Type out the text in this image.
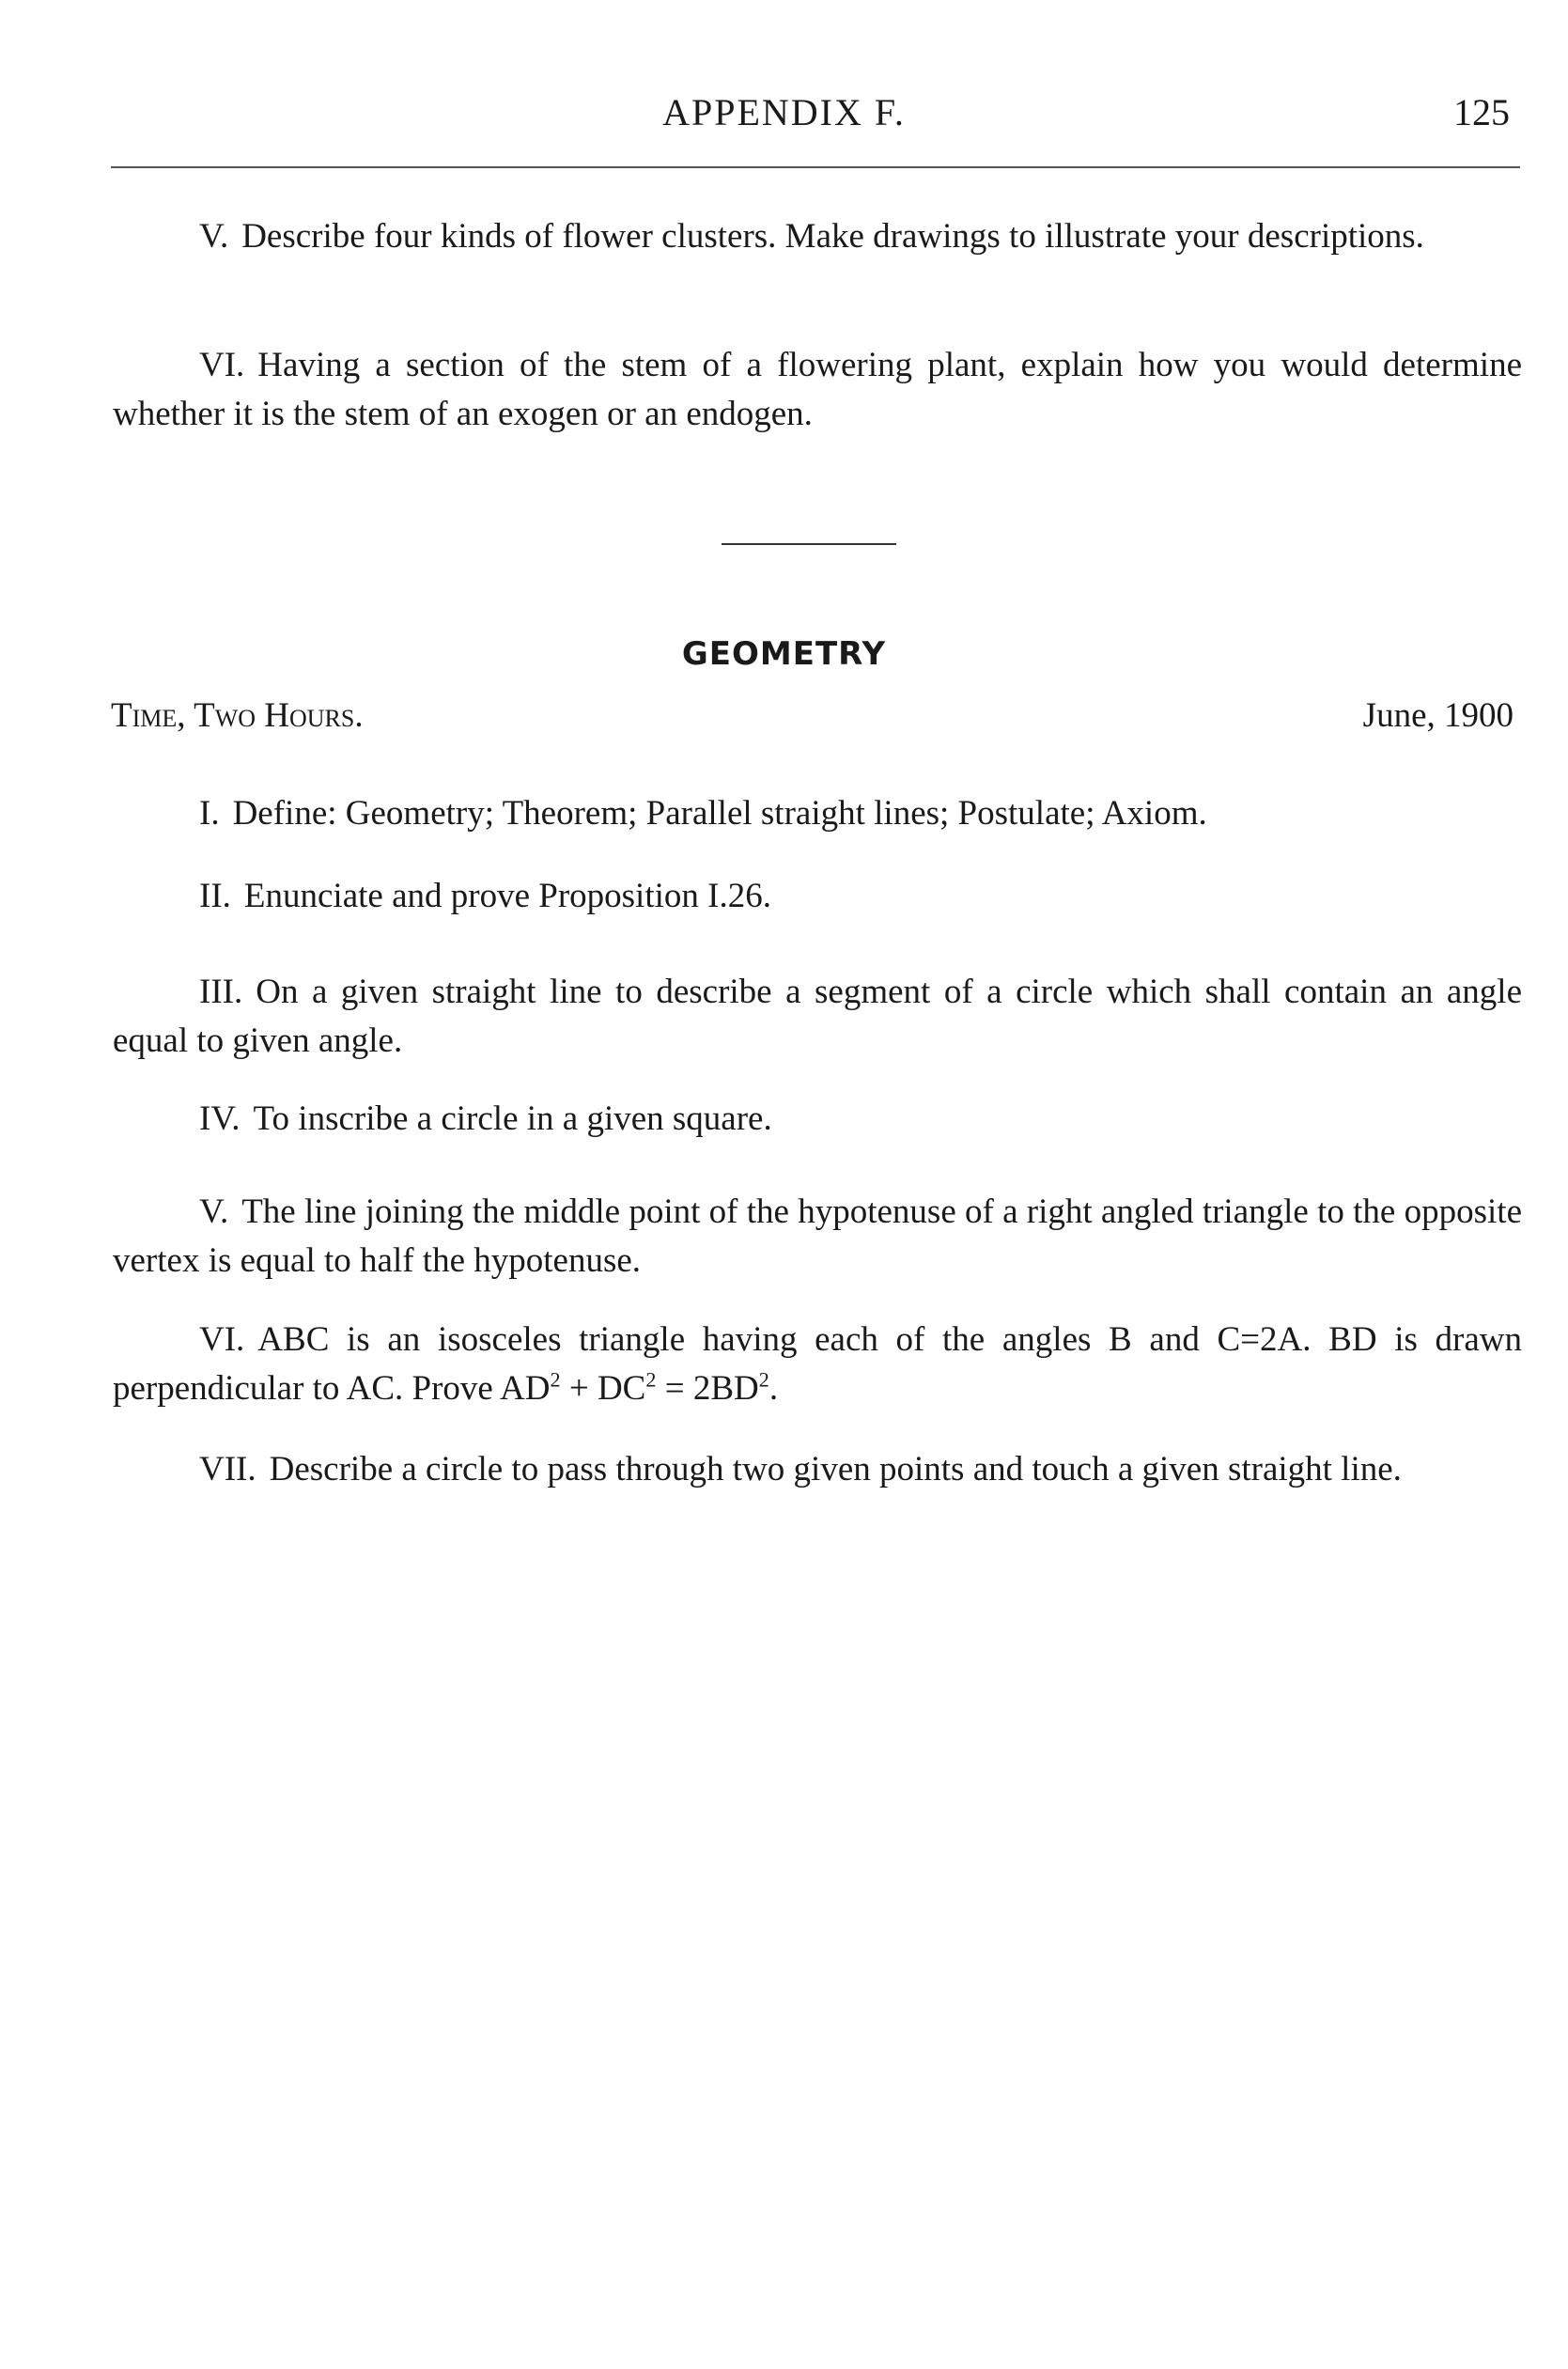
APPENDIX F.	125

V. Describe four kinds of flower clusters. Make drawings to illustrate your descriptions.

VI. Having a section of the stem of a flowering plant, explain how you would determine whether it is the stem of an exogen or an endogen.

GEOMETRY
Time, Two Hours.	June, 1900

I. Define: Geometry; Theorem; Parallel straight lines; Postulate; Axiom.

II. Enunciate and prove Proposition I.26.

III. On a given straight line to describe a segment of a circle which shall contain an angle equal to given angle.

IV. To inscribe a circle in a given square.

V. The line joining the middle point of the hypotenuse of a right angled triangle to the opposite vertex is equal to half the hypotenuse.

VI. ABC is an isosceles triangle having each of the angles B and C=2A. BD is drawn perpendicular to AC. Prove $AD^2 + DC^2 = 2BD^2$.

VII. Describe a circle to pass through two given points and touch a given straight line.
